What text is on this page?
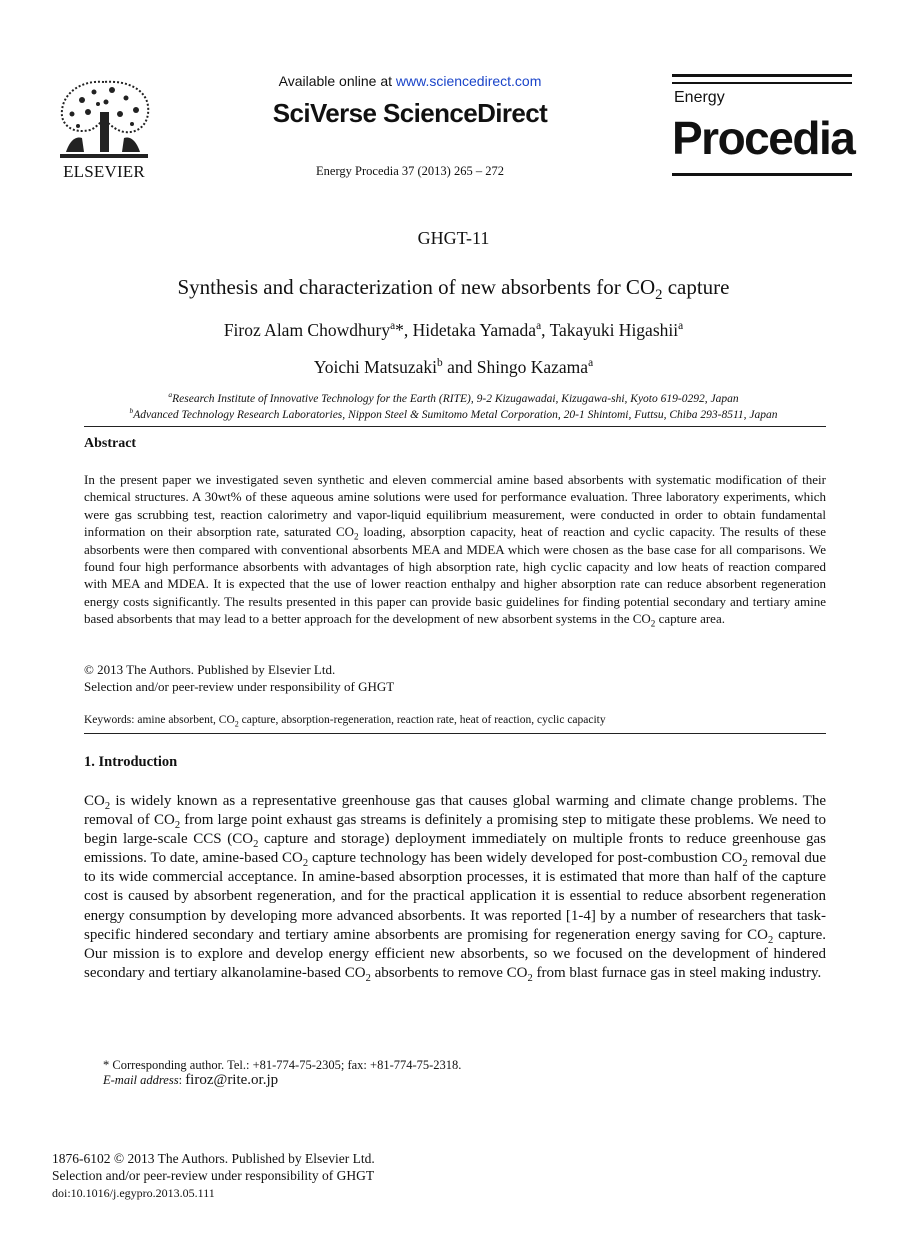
ELSEVIER
Available online at www.sciencedirect.com
SciVerse ScienceDirect
Energy Procedia 37 (2013) 265 – 272
Energy
Procedia
GHGT-11
Synthesis and characterization of new absorbents for $CO_2$ capture
Firoz Alam Chowdhury$^a$*, Hidetaka Yamada$^a$, Takayuki Higashii$^a$
Yoichi Matsuzaki$^b$ and Shingo Kazama$^a$
$^a$Research Institute of Innovative Technology for the Earth (RITE), 9-2 Kizugawadai, Kizugawa-shi, Kyoto 619-0292, Japan
$^b$Advanced Technology Research Laboratories, Nippon Steel & Sumitomo Metal Corporation, 20-1 Shintomi, Futtsu, Chiba 293-8511, Japan
Abstract
In the present paper we investigated seven synthetic and eleven commercial amine based absorbents with systematic modification of their chemical structures. A 30wt% of these aqueous amine solutions were used for performance evaluation. Three laboratory experiments, which were gas scrubbing test, reaction calorimetry and vapor-liquid equilibrium measurement, were conducted in order to obtain fundamental information on their absorption rate, saturated $CO_2$ loading, absorption capacity, heat of reaction and cyclic capacity. The results of these absorbents were then compared with conventional absorbents MEA and MDEA which were chosen as the base case for all comparisons. We found four high performance absorbents with advantages of high absorption rate, high cyclic capacity and low heats of reaction compared with MEA and MDEA. It is expected that the use of lower reaction enthalpy and higher absorption rate can reduce absorbent regeneration energy costs significantly. The results presented in this paper can provide basic guidelines for finding potential secondary and tertiary amine based absorbents that may lead to a better approach for the development of new absorbent systems in the $CO_2$ capture area.
© 2013 The Authors. Published by Elsevier Ltd.
Selection and/or peer-review under responsibility of GHGT
Keywords: amine absorbent, $CO_2$ capture, absorption-regeneration, reaction rate, heat of reaction, cyclic capacity
1. Introduction
$CO_2$ is widely known as a representative greenhouse gas that causes global warming and climate change problems. The removal of $CO_2$ from large point exhaust gas streams is definitely a promising step to mitigate these problems. We need to begin large-scale CCS ($CO_2$ capture and storage) deployment immediately on multiple fronts to reduce greenhouse gas emissions. To date, amine-based $CO_2$ capture technology has been widely developed for post-combustion $CO_2$ removal due to its wide commercial acceptance. In amine-based absorption processes, it is estimated that more than half of the capture cost is caused by absorbent regeneration, and for the practical application it is essential to reduce absorbent regeneration energy consumption by developing more advanced absorbents. It was reported [1-4] by a number of researchers that task-specific hindered secondary and tertiary amine absorbents are promising for regeneration energy saving for $CO_2$ capture. Our mission is to explore and develop energy efficient new absorbents, so we focused on the development of hindered secondary and tertiary alkanolamine-based $CO_2$ absorbents to remove $CO_2$ from blast furnace gas in steel making industry.
* Corresponding author. Tel.: +81-774-75-2305; fax: +81-774-75-2318.
E-mail address: firoz@rite.or.jp
1876-6102 © 2013 The Authors. Published by Elsevier Ltd.
Selection and/or peer-review under responsibility of GHGT
doi:10.1016/j.egypro.2013.05.111
